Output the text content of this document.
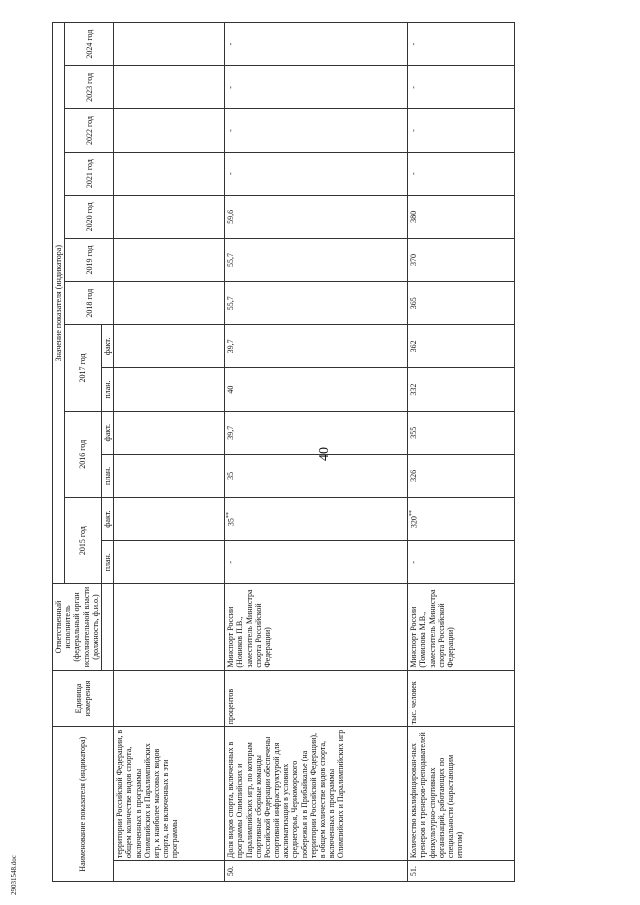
40
Наименование показателя (индикатора)		Единица измерения	Ответственный исполнитель (федеральный орган исполнительной власти (должность, ф.и.о.)	Значение показателя (индикатора)												
				2015 год		2016 год		2017 год		2018 год	2019 год	2020 год	2021 год	2022 год	2023 год	2024 год
				план.	факт.	план.	факт.	план.	факт.							
	территории Российской Федерации, в общем количестве видов спорта, включенных в программы Олимпийских и Паралимпийских игр, к наиболее массовых видов спорта, не включенных в эти программы															
50.	Доля видов спорта, включенных в программы Олимпийских и Паралимпийских игр, по которым спортивные сборные команды Российской Федерации обеспечены спортивной инфраструктурой для акклиматизации в условиях среднегорья, Черноморского побережья и в Прибайкалье (на территории Российской Федерации), в общем количестве видов спорта, включенных в программы Олимпийских и Паралимпийских игр	процентов	Минспорт России (Новиков П.В., заместитель Министра спорта Российской Федерации)	-	35**	35	39,7	40	39,7	55,7	55,7	59,6	-	-	-	-
51.	Количество квалифицирован-ных тренеров и тренеров-преподавателей физкультурно-спортивных организаций, работающих по специальности (нарастающим итогом)	тыс. человек	Минспорт России (Томилова М.В., заместитель Министра спорта Российской Федерации)	-	320**	326	355	332	362	365	370	380	-	-	-	-
29031548.doc
